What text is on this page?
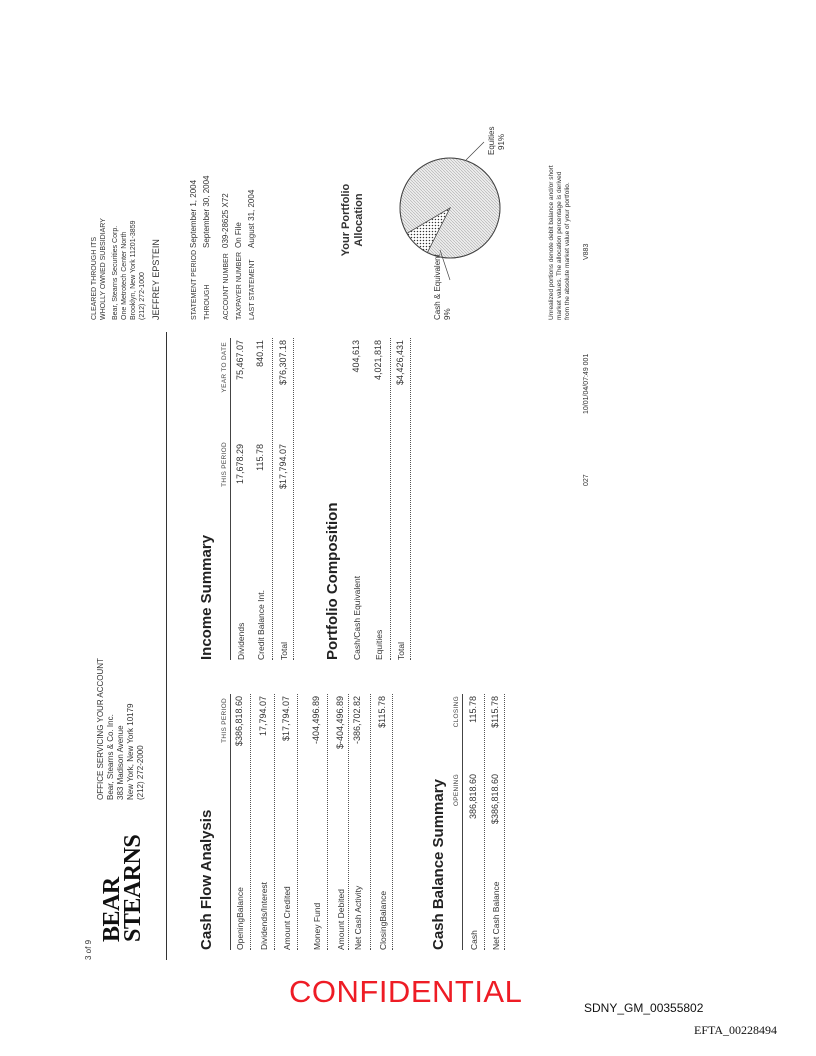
3 of 9
BEAR
STEARNS
OFFICE SERVICING YOUR ACCOUNT Bear, Stearns & Co. Inc. 383 Madison Avenue New York, New York 10179 (212) 272-2000
CLEARED THROUGH ITS WHOLLY OWNED SUBSIDIARY Bear, Stearns Securities Corp. One Metrotech Center North Brooklyn, New York 11201-3859 (212) 272-1000 JEFFREY EPSTEIN	STATEMENT PERIOD
September 1, 2004
THROUGH
September 30, 2004
ACCOUNT NUMBER
039-28625 X72
TAXPAYER NUMBER
On File
LAST STATEMENT
August 31, 2004
Cash Flow Analysis
THIS PERIOD
OpeningBalance
$386,818.60
Dividends/Interest
17,794.07
Amount Credited
$17,794.07
Money Fund
-404,496.89
Amount Debited
$-404,496.89
Net Cash Activity
-386,702.82
ClosingBalance
$115.78
Cash Balance Summary OPENING
CLOSING
Cash
386,818.60
115.78
Net Cash Balance
$386,818.60
$115.78
Income Summary
THIS PERIOD
YEAR TO DATE
Dividends
17,678.29
75,467.07
Credit Balance Int.
115.78
840.11
Total
$17,794.07
$76,307.18
Portfolio Composition Cash/Cash Equivalent
404,613
Equities
4,021,818
Total
$4,426,431
Your Portfolio Allocation
Cash & Equivalent 9%
Equities 91%
Unrealized portions denote debit balance and/or short market values. The allocation percentage is derived from the absolute market value of your portfolio. V883
027
10/01/04/07:49 001
CONFIDENTIAL	SDNY_GM_00355802
EFTA_00228494
